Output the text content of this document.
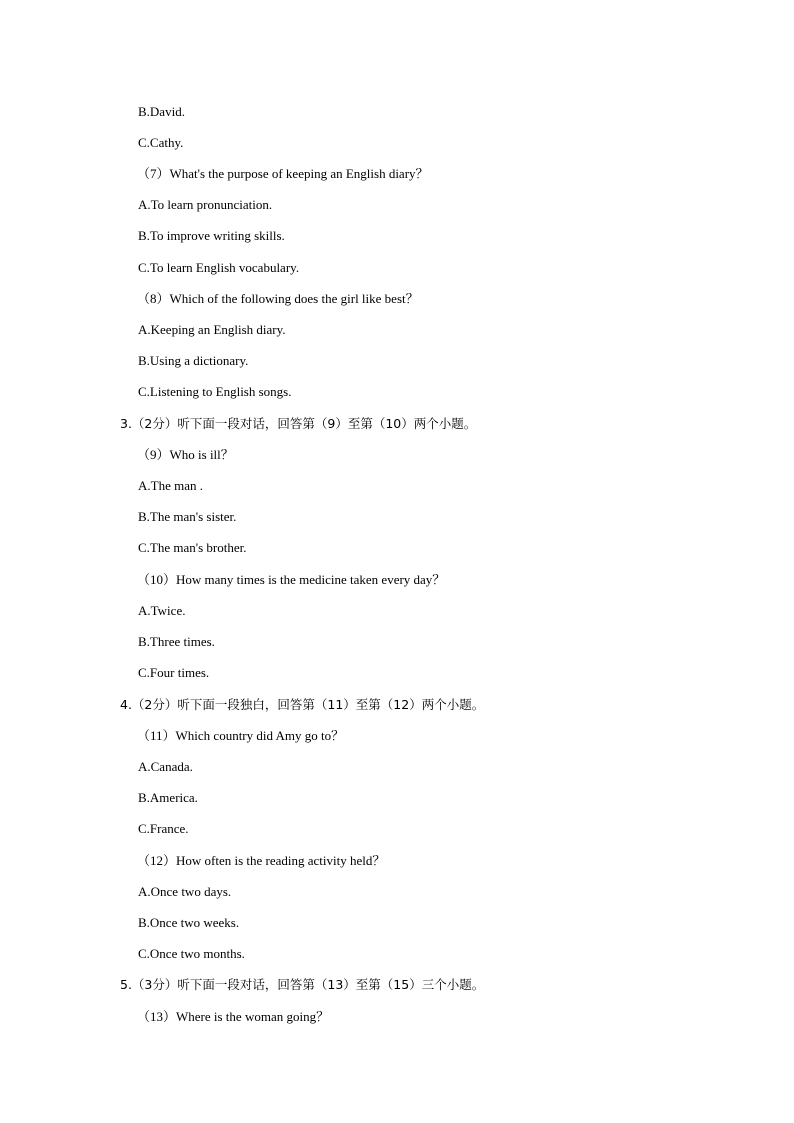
B.David.
C.Cathy.
（7）What's the purpose of keeping an English diary？
A.To learn pronunciation.
B.To improve writing skills.
C.To learn English vocabulary.
（8）Which of the following does the girl like best？
A.Keeping an English diary.
B.Using a dictionary.
C.Listening to English songs.
3.（2分）听下面一段对话，回答第（9）至第（10）两个小题。
（9）Who is ill？
A.The man .
B.The man's sister.
C.The man's brother.
（10）How many times is the medicine taken every day？
A.Twice.
B.Three times.
C.Four times.
4.（2分）听下面一段独白，回答第（11）至第（12）两个小题。
（11）Which country did Amy go to？
A.Canada.
B.America.
C.France.
（12）How often is the reading activity held？
A.Once two days.
B.Once two weeks.
C.Once two months.
5.（3分）听下面一段对话，回答第（13）至第（15）三个小题。
（13）Where is the woman going？
